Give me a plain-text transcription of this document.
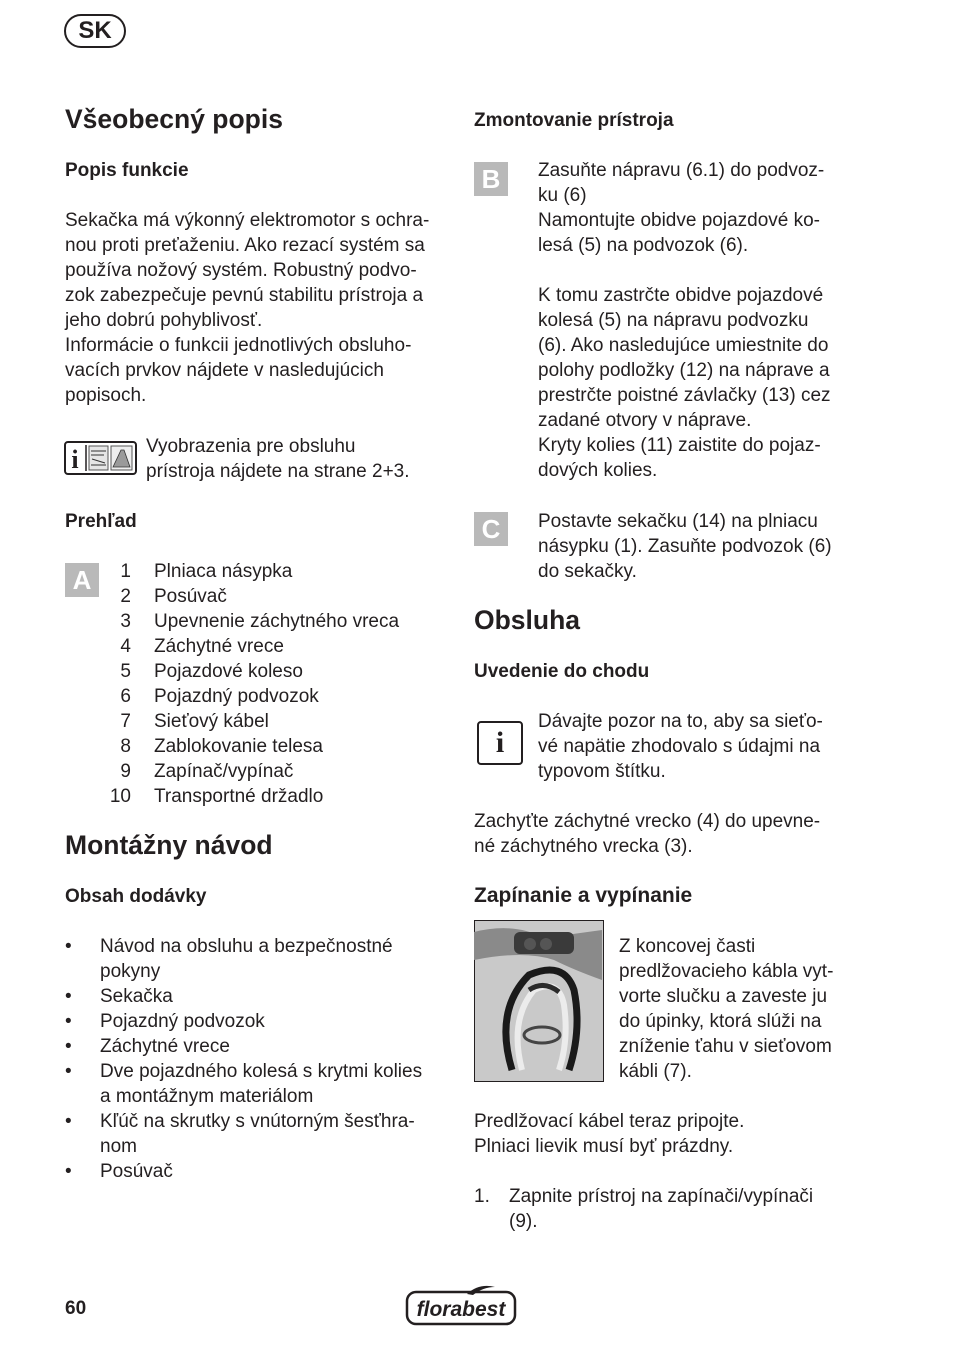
SK
Všeobecný popis
Popis funkcie
Sekačka má výkonný elektromotor s ochra-
nou proti preťaženiu. Ako rezací systém sa
používa nožový systém. Robustný podvo-
zok zabezpečuje pevnú stabilitu prístroja a
jeho dobrú pohyblivosť.
Informácie o funkcii jednotlivých obsluho-
vacích prvkov nájdete v nasledujúcich
popisoch.
i	Vyobrazenia pre obsluhu
prístroja nájdete na strane 2+3.
Prehľad
A	1 Plniaca násypka
2 Posúvač
3 Upevnenie záchytného vreca
4 Záchytné vrece
5 Pojazdové koleso
6 Pojazdný podvozok
7 Sieťový kábel
8 Zablokovanie telesa
9 Zapínač/vypínač
10 Transportné držadlo
Montážny návod
Obsah dodávky
• Návod na obsluhu a bezpečnostné
pokyny
• Sekačka
• Pojazdný podvozok
• Záchytné vrece
• Dve pojazdného kolesá s krytmi kolies
a montážnym materiálom
• Kľúč na skrutky s vnútorným šesťhra-
nom
• Posúvač
Zmontovanie prístroja
B	Zasuňte nápravu (6.1) do podvoz-
ku (6)
Namontujte obidve pojazdové ko-
lesá (5) na podvozok (6).

K tomu zastrčte obidve pojazdové
kolesá (5) na nápravu podvozku
(6). Ako nasledujúce umiestnite do
polohy podložky (12) na nápravе a
prestrčte poistné závlačky (13) cez
zadané otvory v náprave.
Kryty kolies (11) zaistite do pojaz-
dových kolies.
C	Postavte sekačku (14) na plniacu
násypku (1). Zasuňte podvozok (6)
do sekačky.
Obsluha
Uvedenie do chodu
i
Dávajte pozor na to, aby sa sieťo-
vé napätie zhodovalo s údajmi na
typovom štítku.
Zachyťte záchytné vrecko (4) do upevne-
né záchytného vrecka (3).
Zapínanie a vypínanie
Z koncovej časti
predlžovacieho kábla vyt-
vorte slučku a zaveste ju
do úpinky, ktorá slúži na
zníženie ťahu v sieťovom
kábli (7).
Predlžovací kábel teraz pripojte.
Plniaci lievik musí byť prázdny.
1. Zapnite prístroj na zapínači/vypínači
(9).
60	florabest
